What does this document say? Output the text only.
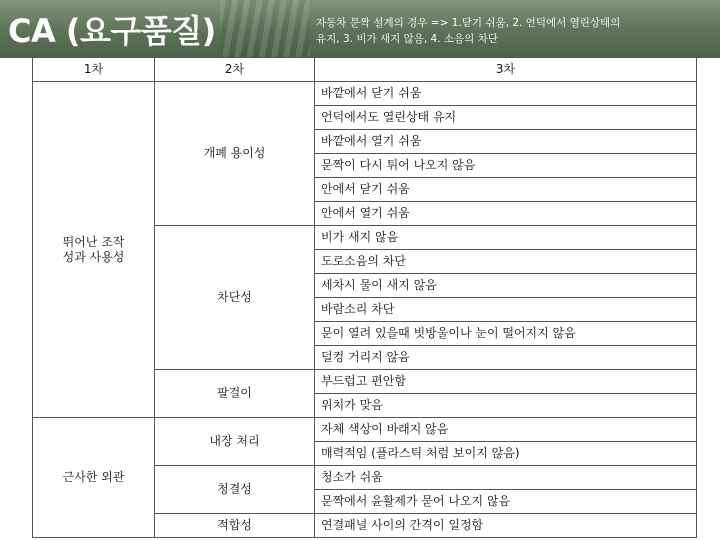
CA (요구품질)	자동차 문짝 설계의 경우 => 1.닫기 쉬움, 2. 언덕에서 열린상태의
유지, 3. 비가 새지 않음, 4. 소음의 차단
1차	2차	3차
뛰어난 조작성과 사용성	개폐 용이성	바깥에서 닫기 쉬움
		언덕에서도 열린상태 유지
		바깥에서 열기 쉬움
		문짝이 다시 튀어 나오지 않음
		안에서 닫기 쉬움
		안에서 열기 쉬움
	차단성	비가 새지 않음
		도로소음의 차단
		세차시 물이 새지 않음
		바람소리 차단
		문이 열려 있을때 빗방울이나 눈이 떨어지지 않음
		덜컹 거리지 않음
	팔걸이	부드럽고 편안함
		위치가 맞음
근사한 외관	내장 처리	자체 색상이 바래지 않음
		매력적임 (플라스틱 처럼 보이지 않음)
	청결성	청소가 쉬움
		문짝에서 윤활제가 묻어 나오지 않음
	적합성	연결패널 사이의 간격이 일정함
